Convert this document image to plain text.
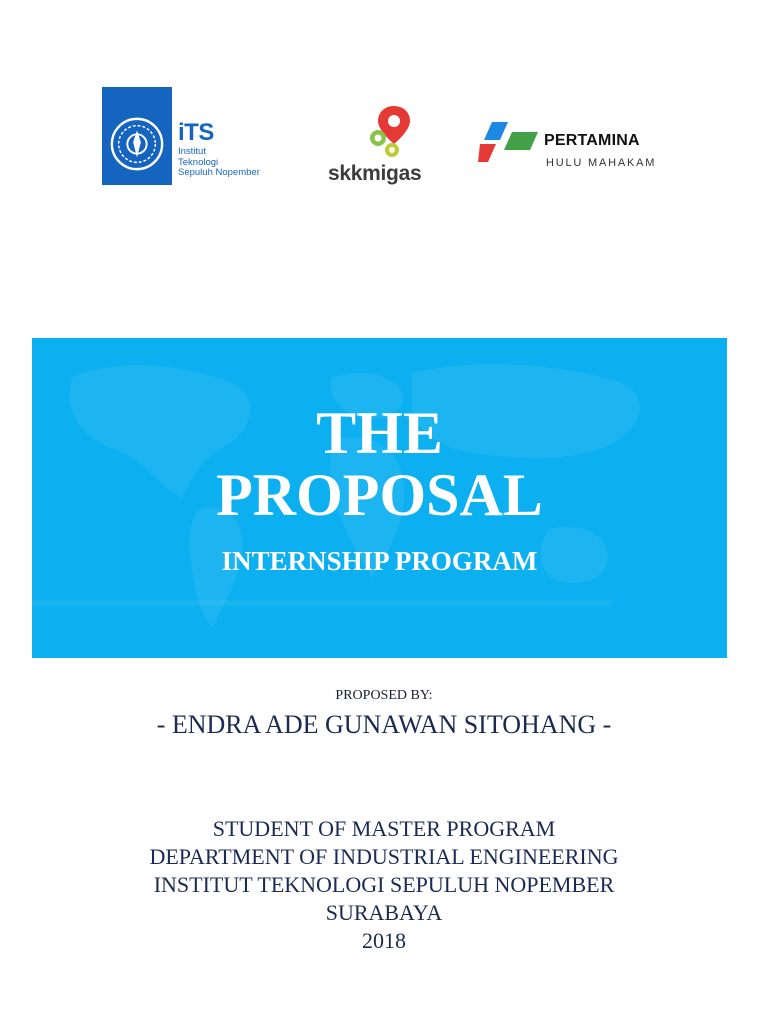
iTS
Institut
Teknologi
Sepuluh Nopember	skkmigas
PERTAMINA
HULU MAHAKAM
THE
PROPOSAL
INTERNSHIP PROGRAM
PROPOSED BY:
- ENDRA ADE GUNAWAN SITOHANG -
STUDENT OF MASTER PROGRAM
DEPARTMENT OF INDUSTRIAL ENGINEERING
INSTITUT TEKNOLOGI SEPULUH NOPEMBER
SURABAYA
2018
